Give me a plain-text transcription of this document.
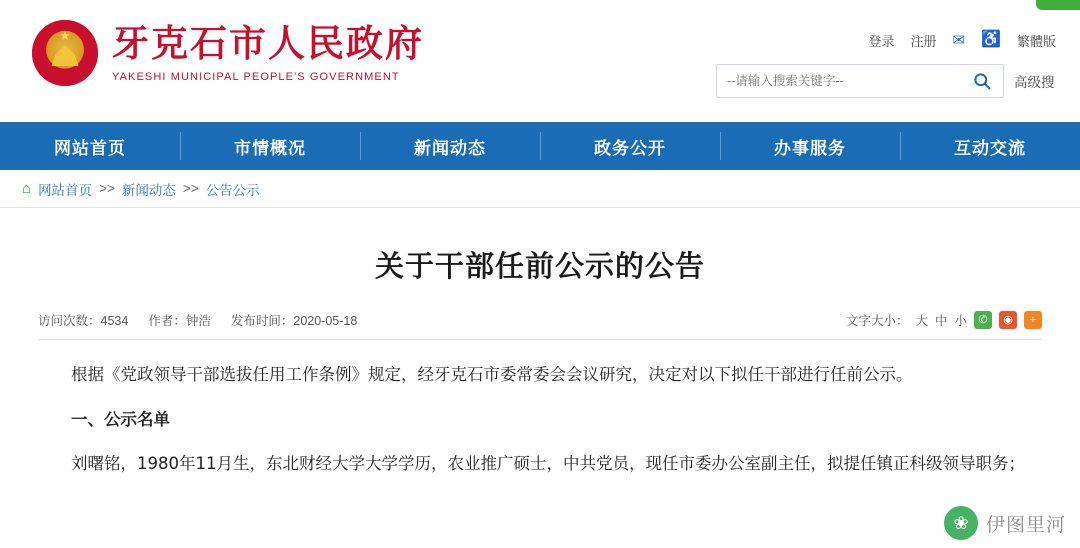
★
牙克石市人民政府
YAKESHI MUNICIPAL PEOPLE'S GOVERNMENT
登录 注册 ✉ ♿ 繁體版
--请输入搜索关键字--
高级搜
网站首页	市情概况	新闻动态	政务公开	办事服务	互动交流
⌂ 网站首页 >> 新闻动态 >> 公告公示
关于干部任前公示的公告
访问次数：4534 作者：钟浩 发布时间：2020-05-18	文字大小： 大 中 小	✆	◉	+

根据《党政领导干部选拔任用工作条例》规定，经牙克石市委常委会会议研究，决定对以下拟任干部进行任前公示。

一、公示名单

刘曙铭，1980年11月生，东北财经大学大学学历，农业推广硕士，中共党员，现任市委办公室副主任，拟提任镇正科级领导职务；

❀ 伊图里河
